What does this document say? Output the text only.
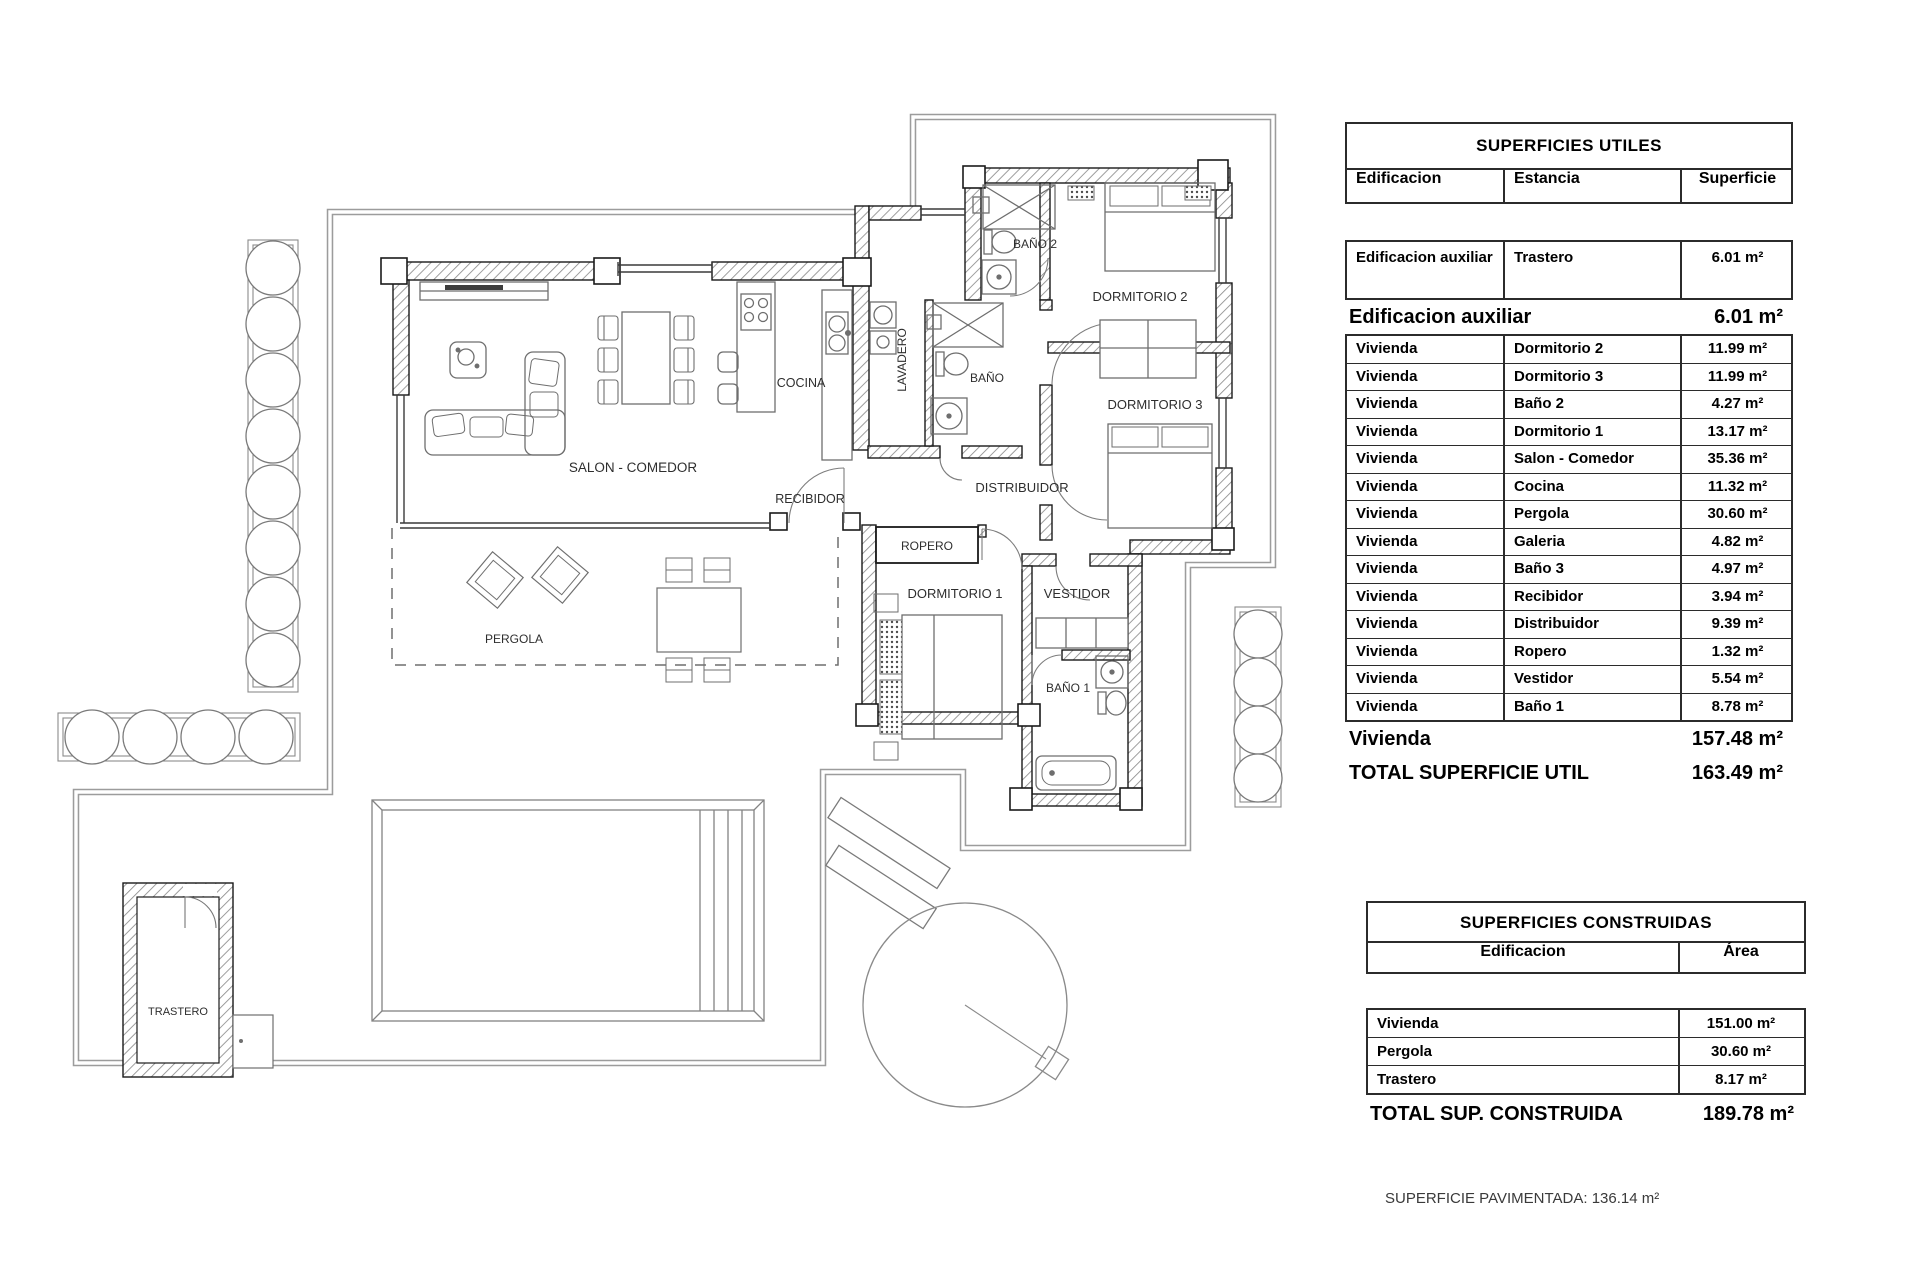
SALON - COMEDOR
COCINA	LAVADERO	BAÑO
BAÑO 2
DORMITORIO 2
DORMITORIO 3
RECIBIDOR
DISTRIBUIDOR
ROPERO
DORMITORIO 1	VESTIDOR
BAÑO 1
PERGOLA
TRASTERO
SUPERFICIES UTILES
Edificacion	Estancia	Superficie
Edificacion auxiliar	Trastero	6.01 m²
Edificacion auxiliar	6.01 m²
Vivienda	Dormitorio 2	11.99 m²
Vivienda	Dormitorio 3	11.99 m²
Vivienda	Baño 2	4.27 m²
Vivienda	Dormitorio 1	13.17 m²
Vivienda	Salon - Comedor	35.36 m²
Vivienda	Cocina	11.32 m²
Vivienda	Pergola	30.60 m²
Vivienda	Galeria	4.82 m²
Vivienda	Baño 3	4.97 m²
Vivienda	Recibidor	3.94 m²
Vivienda	Distribuidor	9.39 m²
Vivienda	Ropero	1.32 m²
Vivienda	Vestidor	5.54 m²
Vivienda	Baño 1	8.78 m²
Vivienda	157.48 m²
TOTAL SUPERFICIE UTIL	163.49 m²
SUPERFICIES CONSTRUIDAS
Edificacion	Área
Vivienda	151.00 m²
Pergola	30.60 m²
Trastero	8.17 m²
TOTAL SUP. CONSTRUIDA	189.78 m²
SUPERFICIE PAVIMENTADA: 136.14 m²
